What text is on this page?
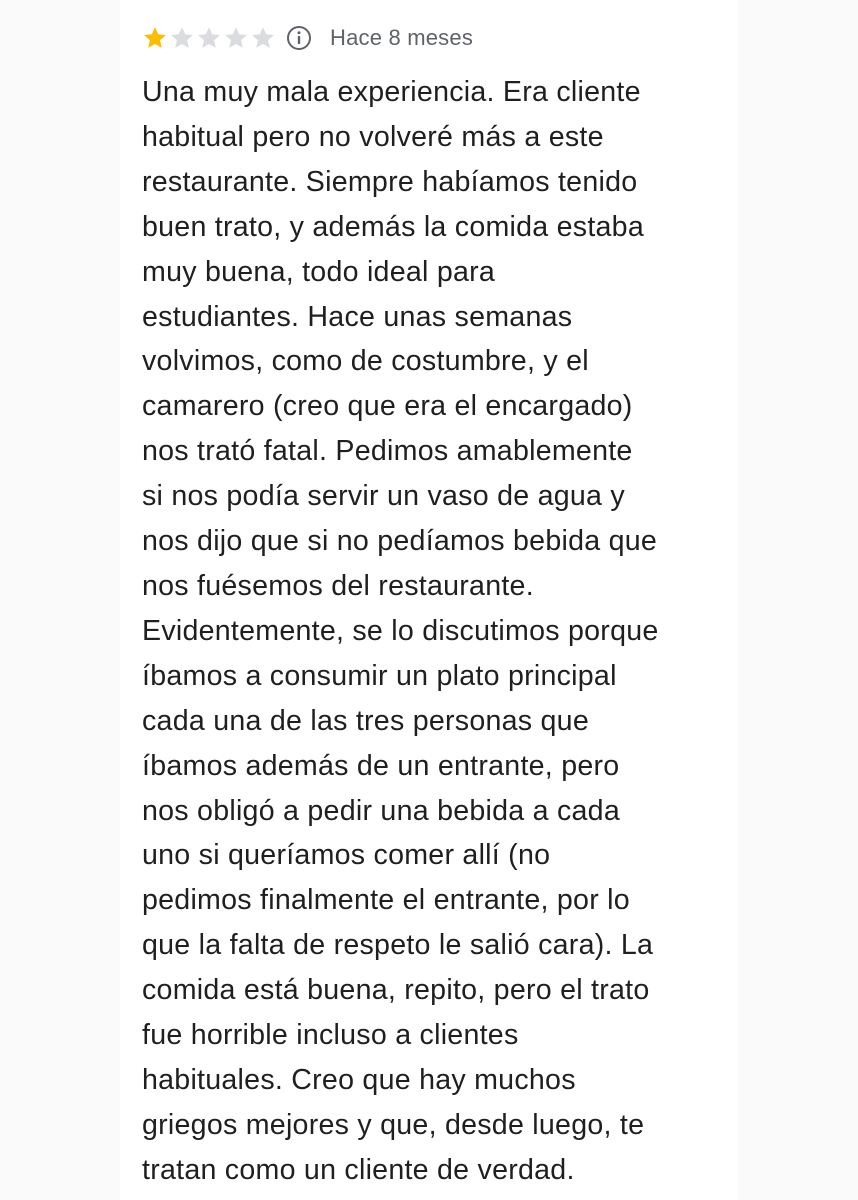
Hace 8 meses
Una muy mala experiencia. Era cliente
habitual pero no volveré más a este
restaurante. Siempre habíamos tenido
buen trato, y además la comida estaba
muy buena, todo ideal para
estudiantes. Hace unas semanas
volvimos, como de costumbre, y el
camarero (creo que era el encargado)
nos trató fatal. Pedimos amablemente
si nos podía servir un vaso de agua y
nos dijo que si no pedíamos bebida que
nos fuésemos del restaurante.
Evidentemente, se lo discutimos porque
íbamos a consumir un plato principal
cada una de las tres personas que
íbamos además de un entrante, pero
nos obligó a pedir una bebida a cada
uno si queríamos comer allí (no
pedimos finalmente el entrante, por lo
que la falta de respeto le salió cara). La
comida está buena, repito, pero el trato
fue horrible incluso a clientes
habituales. Creo que hay muchos
griegos mejores y que, desde luego, te
tratan como un cliente de verdad.
